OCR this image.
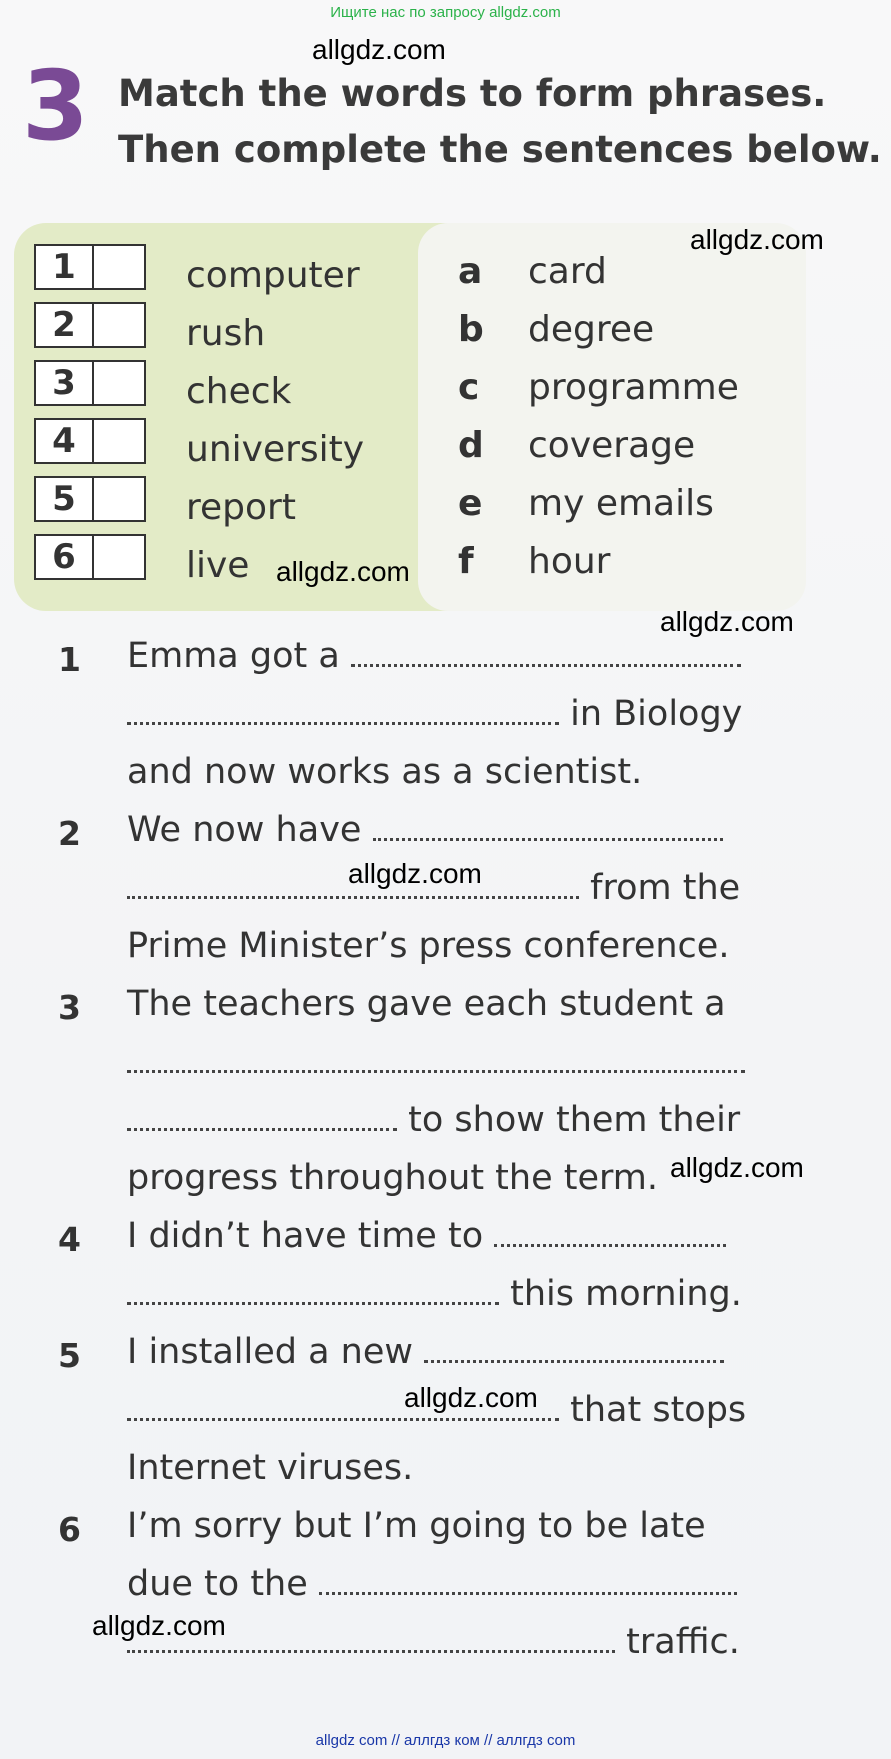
Ищите нас по запросу allgdz.com
3 Match the words to form phrases.
Then complete the sentences below.
1	computer
2	rush
3	check
4	university
5	report
6	live
a card
b degree
c programme
d coverage
e my emails
f hour
1 Emma got a
in Biology
and now works as a scientist.
2 We now have
from the
Prime Minister’s press conference.
3 The teachers gave each student a
to show them their
progress throughout the term.
4 I didn’t have time to
this morning.
5 I installed a new
that stops
Internet viruses.
6 I’m sorry but I’m going to be late
due to the
traffic.
allgdz.com
allgdz.com
allgdz.com
allgdz.com
allgdz.com
allgdz.com
allgdz.com
allgdz.com
allgdz com // аллгдз ком // аллгдз com
